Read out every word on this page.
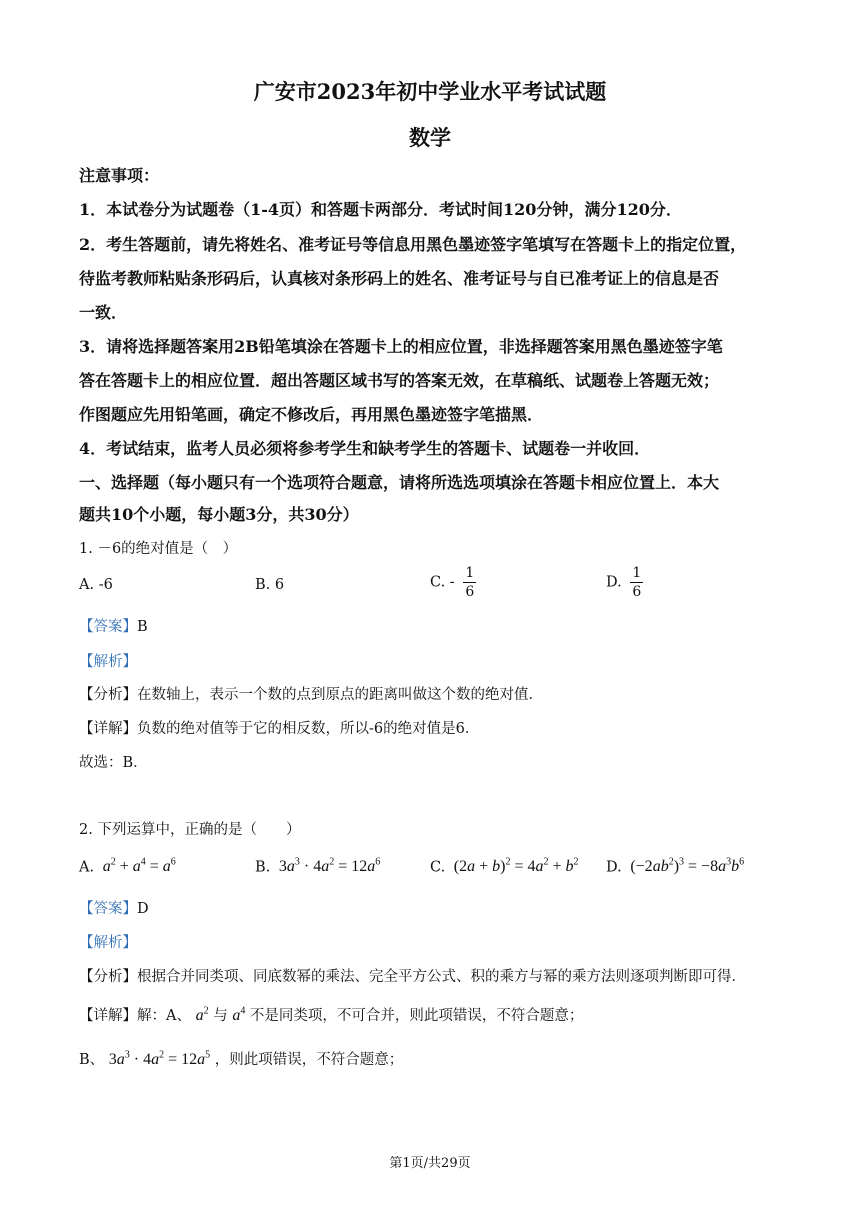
广安市2023年初中学业水平考试试题
数学
注意事项：
1．本试卷分为试题卷（1-4页）和答题卡两部分．考试时间120分钟，满分120分．
2．考生答题前，请先将姓名、准考证号等信息用黑色墨迹签字笔填写在答题卡上的指定位置，
待监考教师粘贴条形码后，认真核对条形码上的姓名、准考证号与自已准考证上的信息是否
一致．
3．请将选择题答案用2B铅笔填涂在答题卡上的相应位置，非选择题答案用黑色墨迹签字笔
答在答题卡上的相应位置．超出答题区域书写的答案无效，在草稿纸、试题卷上答题无效；
作图题应先用铅笔画，确定不修改后，再用黑色墨迹签字笔描黑．
4．考试结束，监考人员必须将参考学生和缺考学生的答题卡、试题卷一并收回．
一、选择题（每小题只有一个选项符合题意，请将所选选项填涂在答题卡相应位置上．本大
题共10个小题，每小题3分，共30分）
1. －6的绝对值是（　）
A. -6	B. 6	C. - $\frac{1}{6}$	D. $\frac{1}{6}$
【答案】B
【解析】
【分析】在数轴上，表示一个数的点到原点的距离叫做这个数的绝对值．
【详解】负数的绝对值等于它的相反数，所以-6的绝对值是6．
故选：B．
2. 下列运算中，正确的是（　　）
A.  $a^2 + a^4 = a^6$	B. $3a^3 \cdot 4a^2 = 12a^6$	C. $(2a + b)^2 = 4a^2 + b^2$ D. $(-2ab^2)^3 = -8a^3b^6$
【答案】D
【解析】
【分析】根据合并同类项、同底数幂的乘法、完全平方公式、积的乘方与幂的乘方法则逐项判断即可得．
【详解】解：A、 $a^2$ 与 $a^4$ 不是同类项，不可合并，则此项错误，不符合题意；
B、 $3a^3 \cdot 4a^2 = 12a^5$ ，则此项错误，不符合题意；
第1页/共29页
